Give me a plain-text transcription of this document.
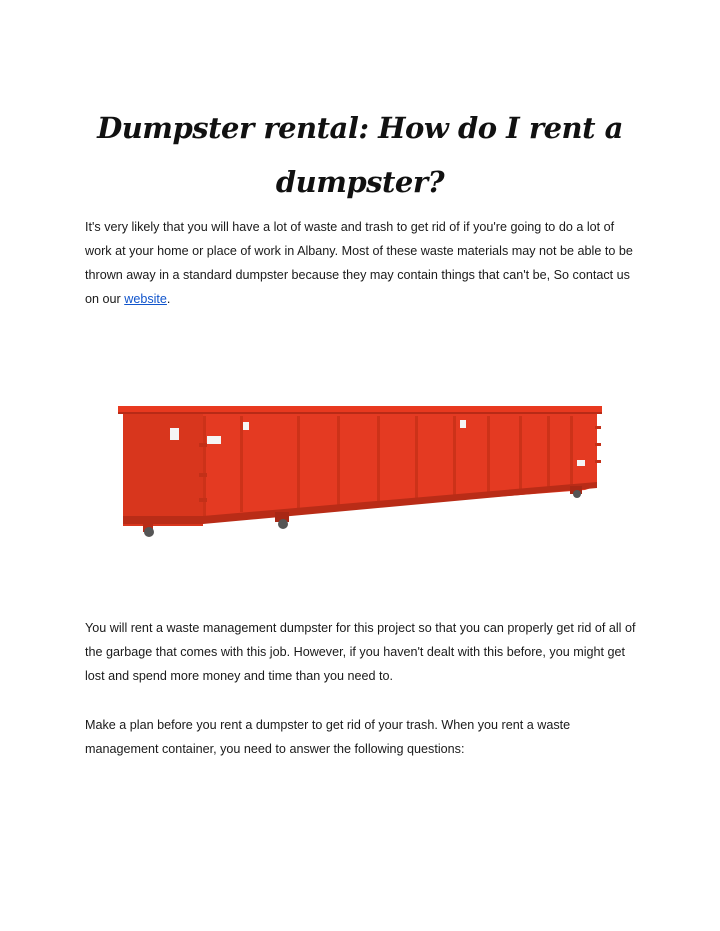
Dumpster rental: How do I rent a dumpster?

It's very likely that you will have a lot of waste and trash to get rid of if you're going to do a lot of work at your home or place of work in Albany. Most of these waste materials may not be able to be thrown away in a standard dumpster because they may contain things that can't be, So contact us on our website.

You will rent a waste management dumpster for this project so that you can properly get rid of all of the garbage that comes with this job. However, if you haven't dealt with this before, you might get lost and spend more money and time than you need to.

Make a plan before you rent a dumpster to get rid of your trash. When you rent a waste management container, you need to answer the following questions:
